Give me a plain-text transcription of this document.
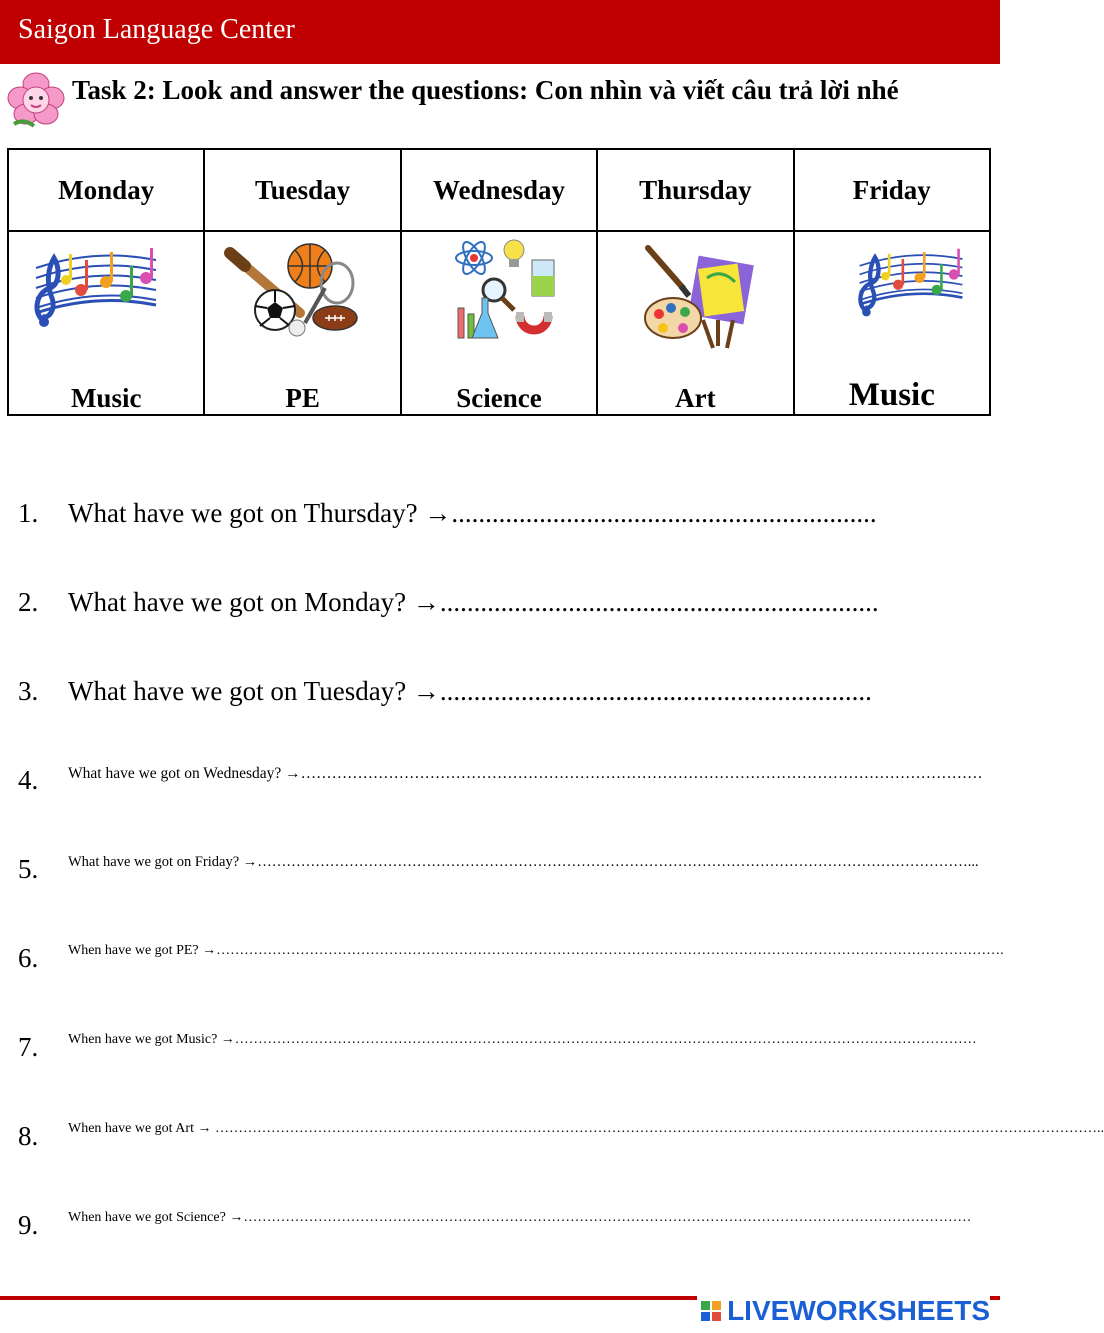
Saigon Language Center
Task 2: Look and answer the questions: Con nhìn và viết câu trả lời nhé
Monday	Tuesday	Wednesday	Thursday	Friday

Music	PE	Science	Art	Music
1. What have we got on Thursday? →...............................................................
2. What have we got on Monday? →.................................................................
3. What have we got on Tuesday? →................................................................
4. What have we got on Wednesday? →……………………………………………………………………………………………………………………
5. What have we got on Friday? →…………………………………………………………………………………………………………………………………...
6. When have we got PE? →…………………………………………………………………………………………………………………………………………………….
7. When have we got Music? →……………………………………………………………………………………………………………………………………………
8. When have we got Art → ………………………………………………………………………………………………………………………………………………………………………..
9. When have we got Science? →…………………………………………………………………………………………………………………………………………
LIVEWORKSHEETS
